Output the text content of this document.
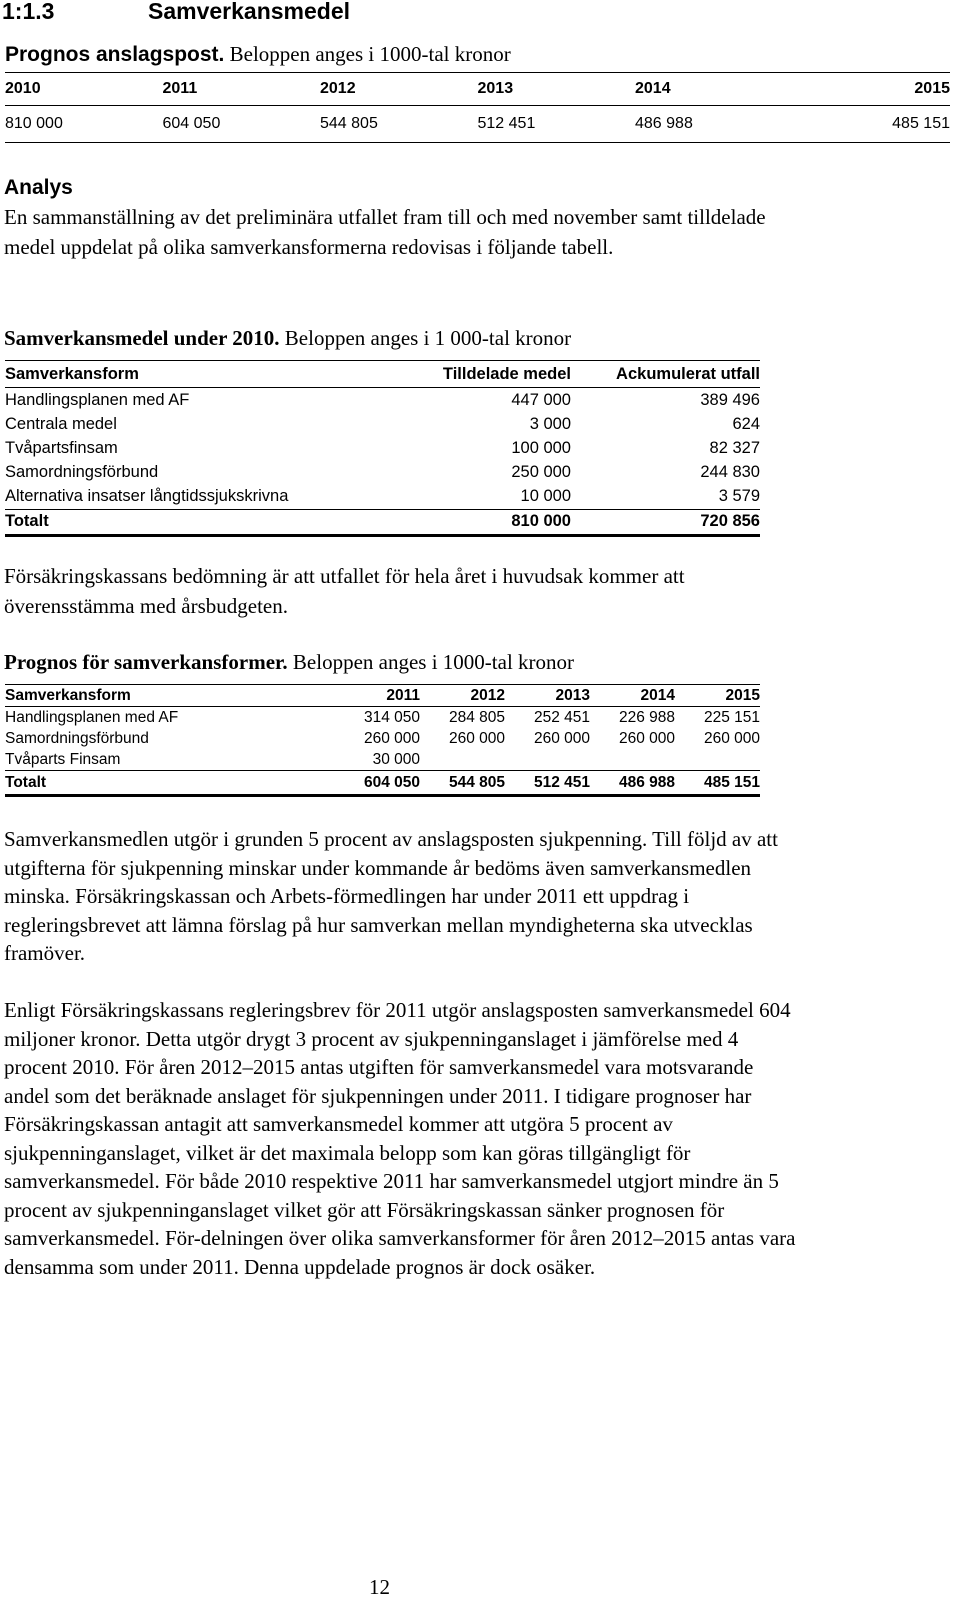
1:1.3	Samverkansmedel
Prognos anslagspost. Beloppen anges i 1000-tal kronor
2010	2011	2012	2013	2014	2015
810 000	604 050	544 805	512 451	486 988	485 151
Analys
En sammanställning av det preliminära utfallet fram till och med november samt tilldelade medel uppdelat på olika samverkansformerna redovisas i följande tabell.
Samverkansmedel under 2010. Beloppen anges i 1 000-tal kronor
Samverkansform	Tilldelade medel	Ackumulerat utfall
Handlingsplanen med AF	447 000	389 496
Centrala medel	3 000	624
Tvåpartsfinsam	100 000	82 327
Samordningsförbund	250 000	244 830
Alternativa insatser långtidssjukskrivna	10 000	3 579
Totalt	810 000	720 856
Försäkringskassans bedömning är att utfallet för hela året i huvudsak kommer att överensstämma med årsbudgeten.
Prognos för samverkansformer. Beloppen anges i 1000-tal kronor
Samverkansform	2011	2012	2013	2014	2015
Handlingsplanen med AF	314 050	284 805	252 451	226 988	225 151
Samordningsförbund	260 000	260 000	260 000	260 000	260 000
Tvåparts Finsam	30 000				
Totalt	604 050	544 805	512 451	486 988	485 151
Samverkansmedlen utgör i grunden 5 procent av anslagsposten sjukpenning. Till följd av att utgifterna för sjukpenning minskar under kommande år bedöms även samverkansmedlen minska. Försäkringskassan och Arbets-förmedlingen har under 2011 ett uppdrag i regleringsbrevet att lämna förslag på hur samverkan mellan myndigheterna ska utvecklas framöver.
Enligt Försäkringskassans regleringsbrev för 2011 utgör anslagsposten samverkansmedel 604 miljoner kronor. Detta utgör drygt 3 procent av sjukpenninganslaget i jämförelse med 4 procent 2010. För åren 2012–2015 antas utgiften för samverkansmedel vara motsvarande andel som det beräknade anslaget för sjukpenningen under 2011. I tidigare prognoser har Försäkringskassan antagit att samverkansmedel kommer att utgöra 5 procent av sjukpenninganslaget, vilket är det maximala belopp som kan göras tillgängligt för samverkansmedel. För både 2010 respektive 2011 har samverkansmedel utgjort mindre än 5 procent av sjukpenninganslaget vilket gör att Försäkringskassan sänker prognosen för samverkansmedel. För-delningen över olika samverkansformer för åren 2012–2015 antas vara densamma som under 2011. Denna uppdelade prognos är dock osäker.
12
